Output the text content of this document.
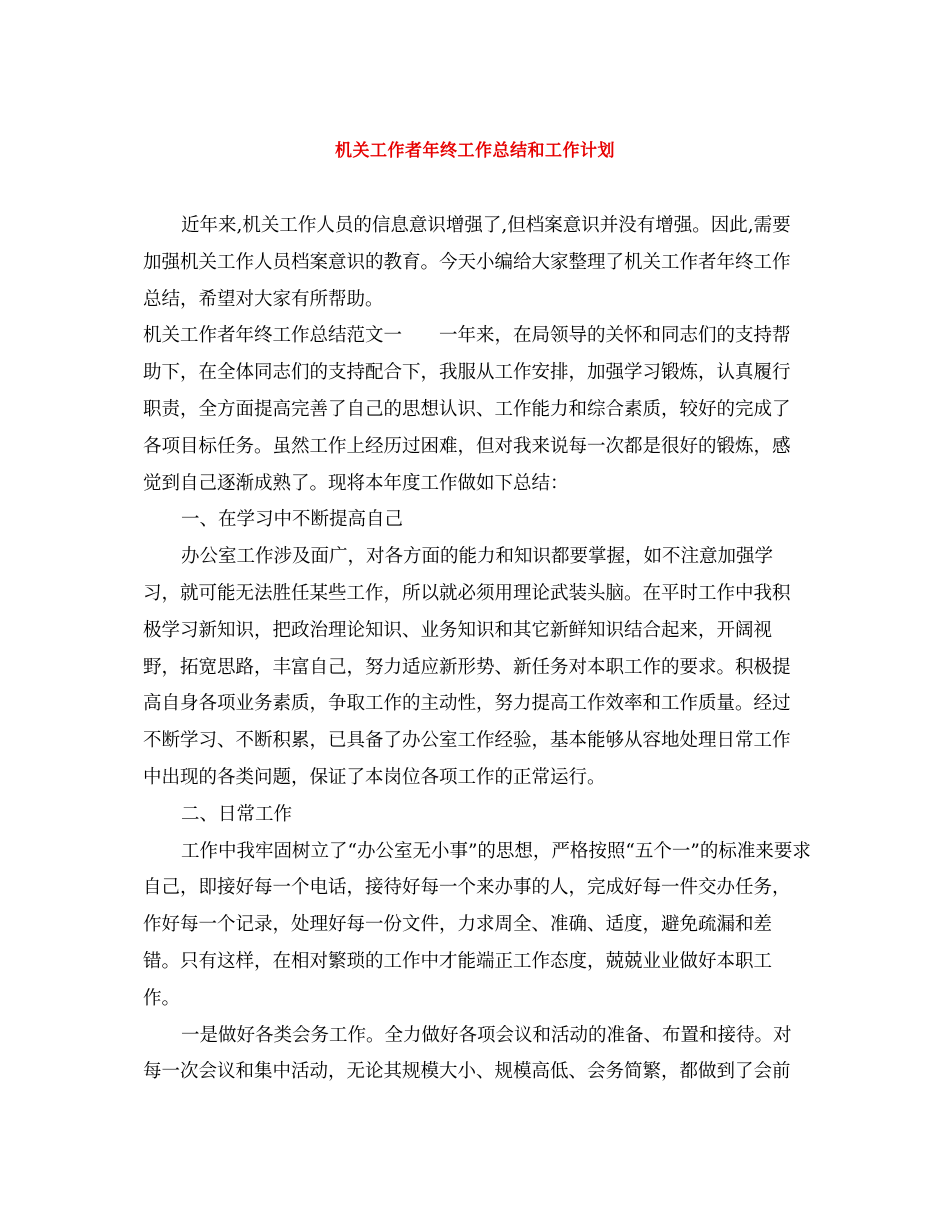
机关工作者年终工作总结和工作计划

近年来,机关工作人员的信息意识增强了,但档案意识并没有增强。因此,需要

加强机关工作人员档案意识的教育。今天小编给大家整理了机关工作者年终工作

总结，希望对大家有所帮助。

机关工作者年终工作总结范文一　　一年来，在局领导的关怀和同志们的支持帮

助下，在全体同志们的支持配合下，我服从工作安排，加强学习锻炼，认真履行

职责，全方面提高完善了自己的思想认识、工作能力和综合素质，较好的完成了

各项目标任务。虽然工作上经历过困难，但对我来说每一次都是很好的锻炼，感

觉到自己逐渐成熟了。现将本年度工作做如下总结：

一、在学习中不断提高自己

办公室工作涉及面广，对各方面的能力和知识都要掌握，如不注意加强学

习，就可能无法胜任某些工作，所以就必须用理论武装头脑。在平时工作中我积

极学习新知识，把政治理论知识、业务知识和其它新鲜知识结合起来，开阔视

野，拓宽思路，丰富自己，努力适应新形势、新任务对本职工作的要求。积极提

高自身各项业务素质，争取工作的主动性，努力提高工作效率和工作质量。经过

不断学习、不断积累，已具备了办公室工作经验，基本能够从容地处理日常工作

中出现的各类问题，保证了本岗位各项工作的正常运行。

二、日常工作

工作中我牢固树立了“办公室无小事”的思想，严格按照“五个一”的标准来要求

自己，即接好每一个电话，接待好每一个来办事的人，完成好每一件交办任务，

作好每一个记录，处理好每一份文件，力求周全、准确、适度，避免疏漏和差

错。只有这样，在相对繁琐的工作中才能端正工作态度，兢兢业业做好本职工

作。

一是做好各类会务工作。全力做好各项会议和活动的准备、布置和接待。对

每一次会议和集中活动，无论其规模大小、规模高低、会务简繁，都做到了会前
